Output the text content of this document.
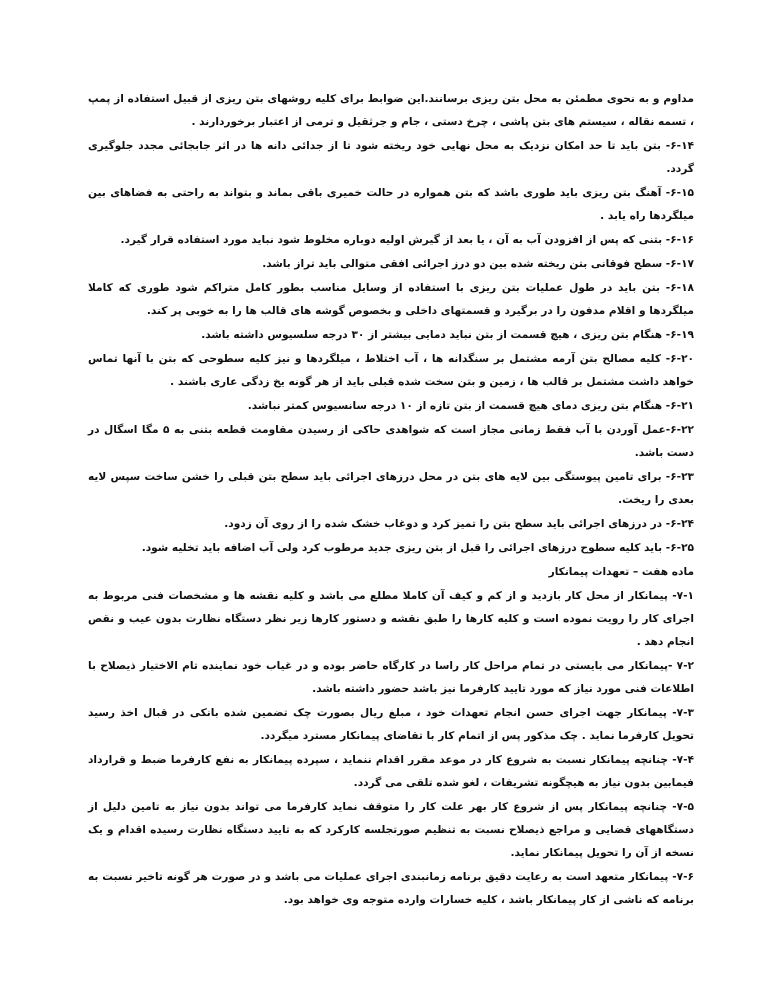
مداوم و به نحوی مطمئن به محل بتن ریزی برسانند.این ضوابط برای کلیه روشهای بتن ریزی از قبیل استفاده از پمپ ، تسمه نقاله ، سیستم های بتن پاشی ، چرخ دستی ، جام و جرثقیل و ترمی از اعتبار برخوردارند .

۶-۱۴- بتن باید تا حد امکان نزدیک به محل نهایی خود ریخته شود تا از جدائی دانه ها در اثر جابجائی مجدد جلوگیری گردد.

۶-۱۵- آهنگ بتن ریزی باید طوری باشد که بتن همواره در حالت خمیری باقی بماند و بتواند به راحتی به فضاهای بین میلگردها راه یابد .

۶-۱۶- بتنی که پس از افزودن آب به آن ، یا بعد از گیرش اولیه دوباره مخلوط شود نباید مورد استفاده قرار گیرد.

۶-۱۷- سطح فوقانی بتن ریخته شده بین دو درز اجرائی افقی متوالی باید تراز باشد.

۶-۱۸- بتن باید در طول عملیات بتن ریزی با استفاده از وسایل مناسب بطور کامل متراکم شود طوری که کاملا میلگردها و اقلام مدفون را در برگیرد و قسمتهای داخلی و بخصوص گوشه های قالب ها را به خوبی پر کند.

۶-۱۹- هنگام بتن ریزی ، هیچ قسمت از بتن نباید دمایی بیشتر از ۳۰ درجه سلسیوس داشته باشد.

۶-۲۰- کلیه مصالح بتن آرمه مشتمل بر سنگدانه ها ، آب اختلاط ، میلگردها و نیز کلیه سطوحی که بتن با آنها تماس خواهد داشت مشتمل بر قالب ها ، زمین و بتن سخت شده قبلی باید از هر گونه یخ زدگی عاری باشند .

۶-۲۱- هنگام بتن ریزی دمای هیچ قسمت از بتن تازه از ۱۰ درجه سانسیوس کمتر نباشد.

۶-۲۲-عمل آوردن با آب فقط زمانی مجاز است که شواهدی حاکی از رسیدن مقاومت قطعه بتنی به ۵ مگا اسگال در دست باشد.

۶-۲۳- برای تامین پیوستگی بین لایه های بتن در محل درزهای اجرائی باید سطح بتن قبلی را خشن ساخت سپس لایه بعدی را ریخت.

۶-۲۴- در درزهای اجرائی باید سطح بتن را تمیز کرد و دوغاب خشک شده را از روی آن زدود.

۶-۲۵- باید کلیه سطوح درزهای اجرائی را قبل از بتن ریزی جدید مرطوب کرد ولی آب اضافه باید تخلیه شود.

ماده هفت – تعهدات پیمانکار

۷-۱- پیمانکار از محل کار بازدید و از کم و کیف آن کاملا مطلع می باشد و کلیه نقشه ها و مشخصات فنی مربوط به اجرای کار را رویت نموده است و کلیه کارها را طبق نقشه و دستور کارها زیر نظر دستگاه نظارت بدون عیب و نقص انجام دهد .

۷-۲ -پیمانکار می بایستی در تمام مراحل کار راسا در کارگاه حاضر بوده و در غیاب خود نماینده تام الاختیار ذیصلاح با اطلاعات فنی مورد نیاز که مورد تایید کارفرما نیز باشد حضور داشته باشد.

۷-۳- پیمانکار جهت اجرای حسن انجام تعهدات خود ، مبلغ ریال بصورت چک تضمین شده بانکی در قبال اخذ رسید تحویل کارفرما نماید . چک مذکور پس از اتمام کار با تقاضای پیمانکار مسترد میگردد.

۷-۴- چنانچه پیمانکار نسبت به شروع کار در موعد مقرر اقدام ننماید ، سپرده پیمانکار به نفع کارفرما ضبط و قرارداد فیمابین بدون نیاز به هیچگونه تشریفات ، لغو شده تلقی می گردد.

۷-۵- چنانچه پیمانکار پس از شروع کار بهر علت کار را متوقف نماید کارفرما می تواند بدون نیاز به تامین دلیل از دستگاههای قضایی و مراجع ذیصلاح نسبت به تنظیم صورتجلسه کارکرد که به تایید دستگاه نظارت رسیده اقدام و یک نسخه از آن را تحویل پیمانکار نماید.

۷-۶- پیمانکار متعهد است به رعایت دقیق برنامه زمانبندی اجرای عملیات می باشد و در صورت هر گونه تاخیر نسبت به برنامه که ناشی از کار پیمانکار باشد ، کلیه خسارات وارده متوجه وی خواهد بود.
